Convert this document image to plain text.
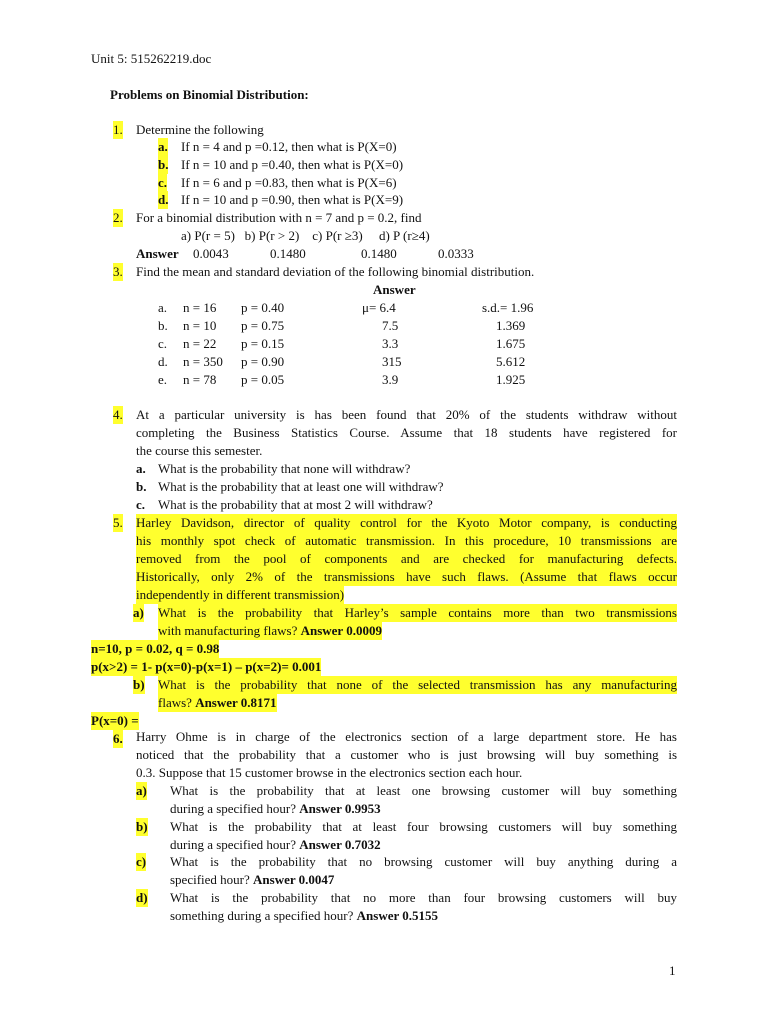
Unit 5: 515262219.doc
Problems on Binomial Distribution:
1. Determine the following
a. If n = 4 and p =0.12, then what is P(X=0)
b. If n = 10 and p =0.40, then what is P(X=0)
c. If n = 6 and p =0.83, then what is P(X=6)
d. If n = 10 and p =0.90, then what is P(X=9)
2. For a binomial distribution with n = 7 and p = 0.2, find
a) P(r = 5)   b) P(r > 2)    c) P(r ≥3)     d) P (r≥4)
Answer 0.0043	0.1480	0.1480	0.0333
3. Find the mean and standard deviation of the following binomial distribution.
Answer
a. n = 16 p = 0.40	μ= 6.4	s.d.= 1.96
b. n = 10 p = 0.75	7.5	1.369
c. n = 22 p = 0.15	3.3	1.675
d. n = 350 p = 0.90	315	5.612
e. n = 78 p = 0.05	3.9	1.925
4. At a particular university is has been found that 20% of the students withdraw without
completing the Business Statistics Course. Assume that 18 students have registered for
the course this semester.
a. What is the probability that none will withdraw?
b. What is the probability that at least one will withdraw?
c. What is the probability that at most 2 will withdraw?
5. Harley Davidson, director of quality control for the Kyoto Motor company, is conducting
his monthly spot check of automatic transmission. In this procedure, 10 transmissions are
removed from the pool of components and are checked for manufacturing defects.
Historically, only 2% of the transmissions have such flaws. (Assume that flaws occur
independently in different transmission)
a) What is the probability that Harley’s sample contains more than two transmissions
with manufacturing flaws? Answer 0.0009
n=10, p = 0.02, q = 0.98
p(x>2) = 1- p(x=0)-p(x=1) – p(x=2)= 0.001
b) What is the probability that none of the selected transmission has any manufacturing
flaws? Answer 0.8171
P(x=0) =
6. Harry Ohme is in charge of the electronics section of a large department store. He has
noticed that the probability that a customer who is just browsing will buy something is
0.3. Suppose that 15 customer browse in the electronics section each hour.
a) What is the probability that at least one browsing customer will buy something
during a specified hour? Answer 0.9953
b) What is the probability that at least four browsing customers will buy something
during a specified hour? Answer 0.7032
c) What is the probability that no browsing customer will buy anything during a
specified hour? Answer 0.0047
d) What is the probability that no more than four browsing customers will buy
something during a specified hour? Answer 0.5155
1
